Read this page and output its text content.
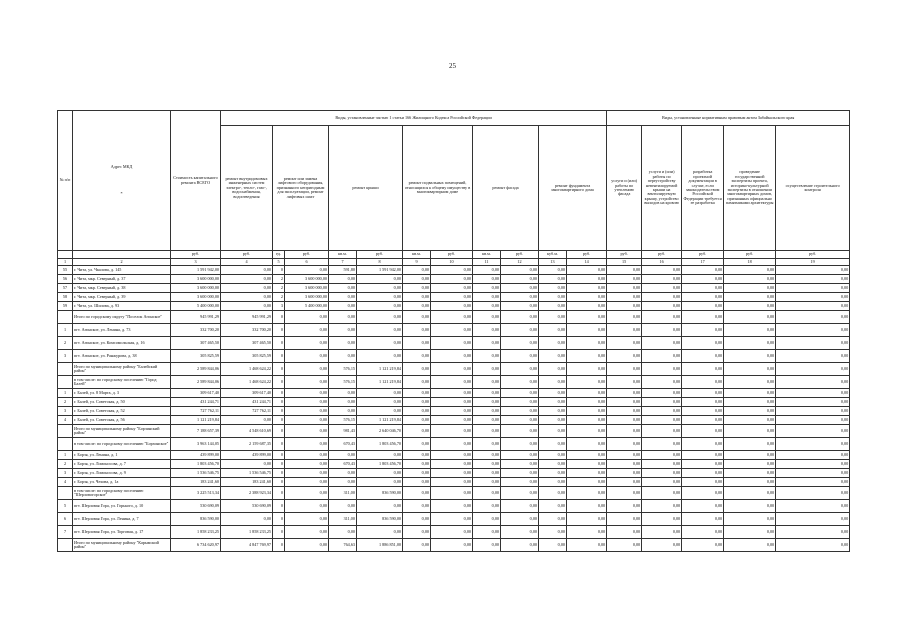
25
№ п/п	Адрес МКД

*	Стоимость капитального ремонта ВСЕГО	Виды, установленные частью 1 статьи 166 Жилищного Кодекса Российской Федерации											Виды, установленные нормативным правовым актом Забайкальского края				
			ремонт внутридомовых инженерных систем электро-, тепло-, газо-, водоснабжения, водоотведения	ремонт или замена лифтового оборудования, признанного непригодным для эксплуатации, ремонт лифтовых шахт		ремонт крыши		ремонт подвальных помещений, относящихся к общему имуществу в многоквартирном доме		ремонт фасада		ремонт фундамента многоквартирного дома		услуги и (или) работы по утеплению фасада	услуги и (или) работы по переустройству невентилируемой крыши на вентилируемую крышу, устройство выходов на кровлю	разработка проектной документации в случае, если законодательством Российской Федерации требуется ее разработка	проведение государственной экспертизы проекта, историко-культурной экспертизы в отношении многоквартирных домов, признанных официально памятниками архитектуры	осуществление строительного контроля
		руб.	руб.	ед.	руб.	кв.м.	руб.	кв.м.	руб.	кв.м.	руб.	куб.м.	руб.	руб.	руб.	руб.	руб.	руб.
1	2	3	4	5	6	7	8	9	10	11	12	13	14	15	16	17	18	19
55	г. Чита, ул. Чкалова, д. 145	1 591 942,00	0,00	0	0,00	591,80	1 591 942,00	0,00	0,00	0,00	0,00	0,00	0,00	0,00	0,00	0,00	0,00	0,00
56	г. Чита, мкр. Северный, д. 37	3 600 000,00	0,00	2	3 600 000,00	0,00	0,00	0,00	0,00	0,00	0,00	0,00	0,00	0,00	0,00	0,00	0,00	0,00
57	г. Чита, мкр. Северный, д. 38	3 600 000,00	0,00	2	3 600 000,00	0,00	0,00	0,00	0,00	0,00	0,00	0,00	0,00	0,00	0,00	0,00	0,00	0,00
58	г. Чита, мкр. Северный, д. 39	3 600 000,00	0,00	2	3 600 000,00	0,00	0,00	0,00	0,00	0,00	0,00	0,00	0,00	0,00	0,00	0,00	0,00	0,00
59	г. Чита, ул. Шилова, д. 93	5 400 000,00	0,00	3	5 400 000,00	0,00	0,00	0,00	0,00	0,00	0,00	0,00	0,00	0,00	0,00	0,00	0,00	0,00
	Итого по городскому округу "Поселок Агинское"	945 991,29	945 991,29	0	0,00	0,00	0,00	0,00	0,00	0,00	0,00	0,00	0,00	0,00	0,00	0,00	0,00	0,00
1	пгт. Агинское, ул. Ленина, д. 73	332 700,20	332 700,20	0	0,00	0,00	0,00	0,00	0,00	0,00	0,00	0,00	0,00	0,00	0,00	0,00	0,00	0,00
2	пгт. Агинское, ул. Комсомольская, д. 16	307 465,50	307 465,50	0	0,00	0,00	0,00	0,00	0,00	0,00	0,00	0,00	0,00	0,00	0,00	0,00	0,00	0,00
3	пгт. Агинское, ул. Ранжурова, д. 38	305 825,59	305 825,59	0	0,00	0,00	0,00	0,00	0,00	0,00	0,00	0,00	0,00	0,00	0,00	0,00	0,00	0,00
	Итого по муниципальному району "Балейский район"	2 589 844,06	1 468 624,22	0	0,00	576,15	1 121 219,84	0,00	0,00	0,00	0,00	0,00	0,00	0,00	0,00	0,00	0,00	0,00
	в том числе: по городскому поселению "Город Балей"	2 589 844,06	1 468 624,22	0	0,00	576,15	1 121 219,84	0,00	0,00	0,00	0,00	0,00	0,00	0,00	0,00	0,00	0,00	0,00
1	г. Балей, ул. 8 Марта, д. 3	309 617,40	309 617,40	0	0,00	0,00	0,00	0,00	0,00	0,00	0,00	0,00	0,00	0,00	0,00	0,00	0,00	0,00
2	г. Балей, ул. Советская, д. 50	431 244,71	431 244,71	0	0,00	0,00	0,00	0,00	0,00	0,00	0,00	0,00	0,00	0,00	0,00	0,00	0,00	0,00
3	г. Балей, ул. Советская, д. 52	727 762,11	727 762,11	0	0,00	0,00	0,00	0,00	0,00	0,00	0,00	0,00	0,00	0,00	0,00	0,00	0,00	0,00
4	г. Балей, ул. Советская, д. 56	1 121 219,84	0,00	0	0,00	576,15	1 121 219,84	0,00	0,00	0,00	0,00	0,00	0,00	0,00	0,00	0,00	0,00	0,00
	Итого по муниципальному району "Борзинский район"	7 188 657,39	4 548 610,69	0	0,00	981,43	2 640 046,70	0,00	0,00	0,00	0,00	0,00	0,00	0,00	0,00	0,00	0,00	0,00
	в том числе: по городскому поселению "Борзинское"	3 963 144,05	2 159 687,35	0	0,00	670,43	1 803 456,70	0,00	0,00	0,00	0,00	0,00	0,00	0,00	0,00	0,00	0,00	0,00
1	г. Борзя, ул. Ленина, д. 1	439 899,00	439 899,00	0	0,00	0,00	0,00	0,00	0,00	0,00	0,00	0,00	0,00	0,00	0,00	0,00	0,00	0,00
2	г. Борзя, ул. Ломоносова, д. 7	1 803 456,70	0,00	0	0,00	670,43	1 803 456,70	0,00	0,00	0,00	0,00	0,00	0,00	0,00	0,00	0,00	0,00	0,00
3	г. Борзя, ул. Ломоносова, д. 9	1 536 546,75	1 536 546,75	0	0,00	0,00	0,00	0,00	0,00	0,00	0,00	0,00	0,00	0,00	0,00	0,00	0,00	0,00
4	г. Борзя, ул. Чехова, д. 1а	183 241,60	183 241,60	0	0,00	0,00	0,00	0,00	0,00	0,00	0,00	0,00	0,00	0,00	0,00	0,00	0,00	0,00
	в том числе: по городскому поселению "Шерловогорское"	3 225 513,34	2 388 923,34	0	0,00	311,00	836 590,00	0,00	0,00	0,00	0,00	0,00	0,00	0,00	0,00	0,00	0,00	0,00
5	пгт. Шерловая Гора, ул. Горького, д. 10	530 690,09	530 690,09	0	0,00	0,00	0,00	0,00	0,00	0,00	0,00	0,00	0,00	0,00	0,00	0,00	0,00	0,00
6	пгт. Шерловая Гора, ул. Ленина, д. 7	836 590,00	0,00	0	0,00	311,00	836 590,00	0,00	0,00	0,00	0,00	0,00	0,00	0,00	0,00	0,00	0,00	0,00
7	пгт. Шерловая Гора, ул. Торговая, д. 17	1 858 233,25	1 858 233,25	0	0,00	0,00	0,00	0,00	0,00	0,00	0,00	0,00	0,00	0,00	0,00	0,00	0,00	0,00
	Итого по муниципальному району "Карымский район"	6 734 620,97	4 847 769,97	0	0,00	764,63	1 886 851,00	0,00	0,00	0,00	0,00	0,00	0,00	0,00	0,00	0,00	0,00	0,00
